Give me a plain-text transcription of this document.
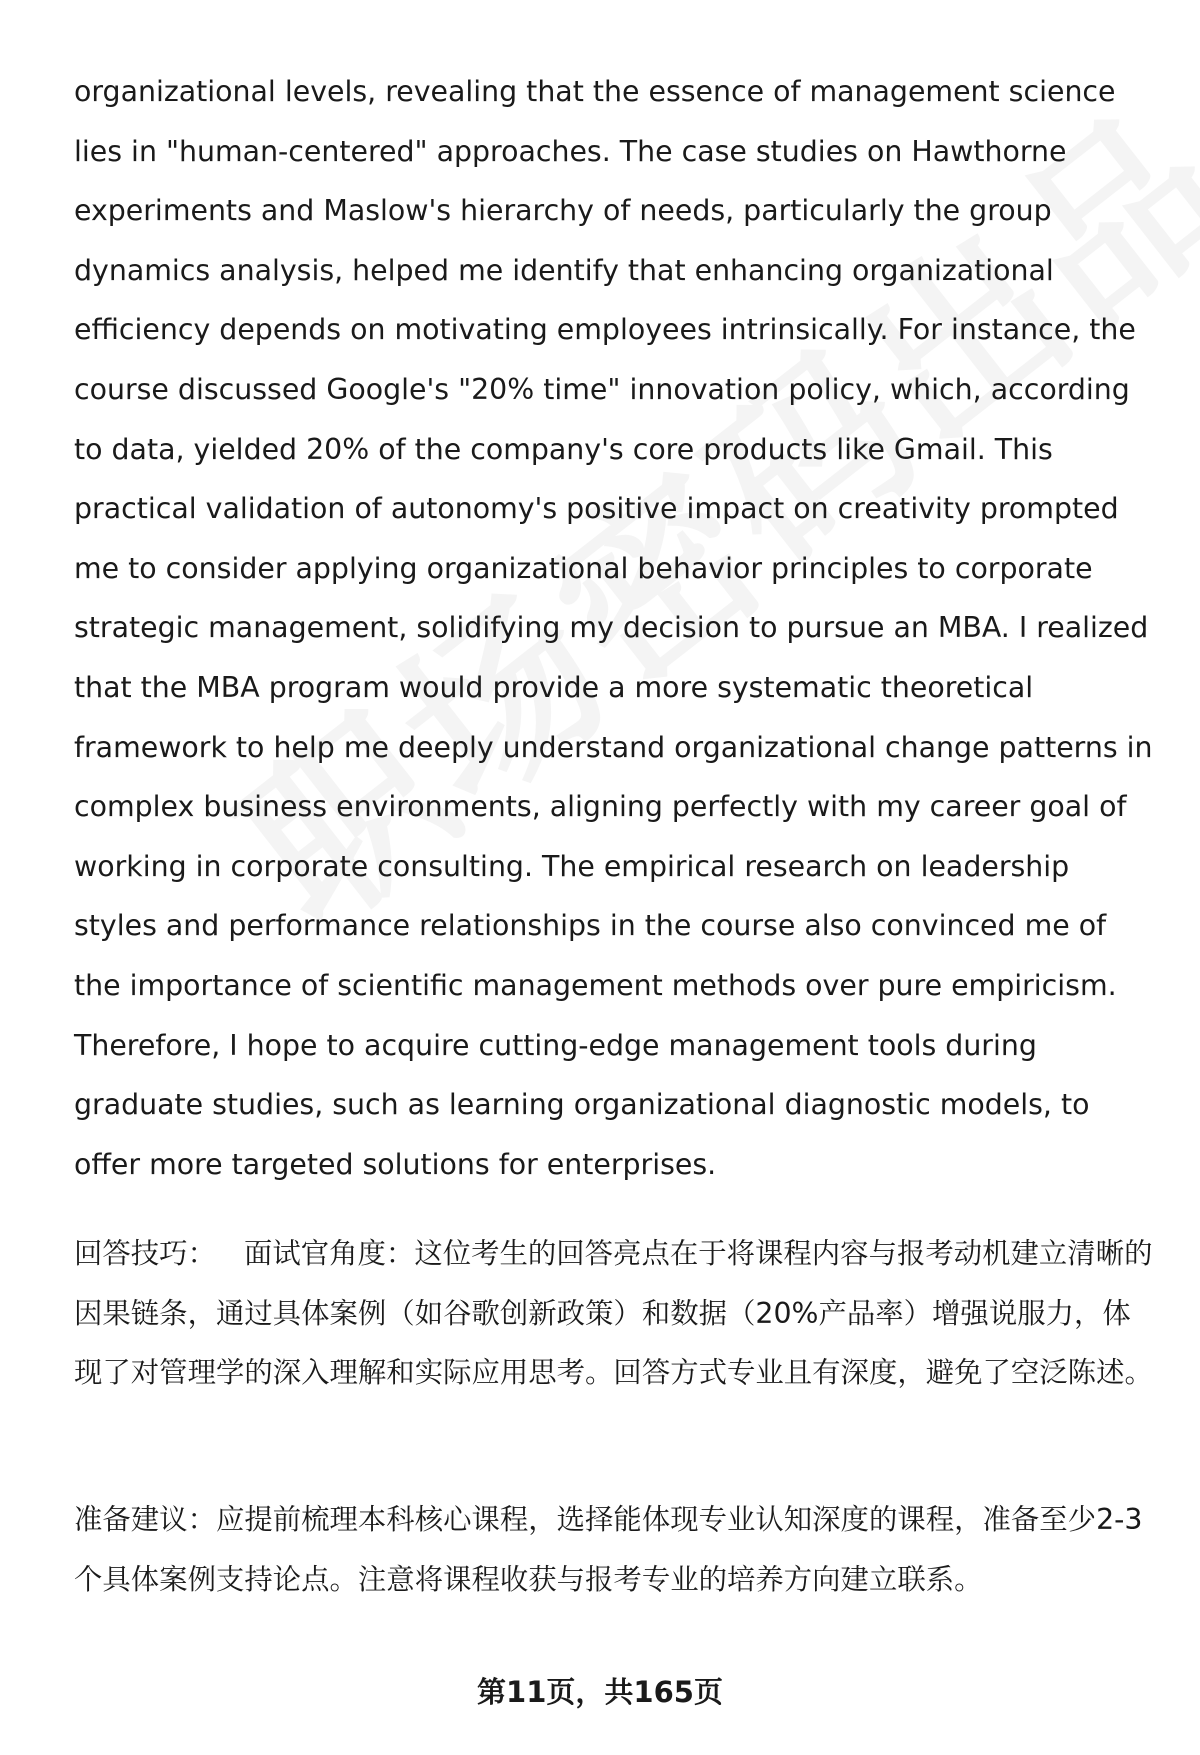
organizational levels, revealing that the essence of management science lies in "human-centered" approaches. The case studies on Hawthorne experiments and Maslow's hierarchy of needs, particularly the group dynamics analysis, helped me identify that enhancing organizational efficiency depends on motivating employees intrinsically. For instance, the course discussed Google's "20% time" innovation policy, which, according to data, yielded 20% of the company's core products like Gmail. This practical validation of autonomy's positive impact on creativity prompted me to consider applying organizational behavior principles to corporate strategic management, solidifying my decision to pursue an MBA. I realized that the MBA program would provide a more systematic theoretical framework to help me deeply understand organizational change patterns in complex business environments, aligning perfectly with my career goal of working in corporate consulting. The empirical research on leadership styles and performance relationships in the course also convinced me of the importance of scientific management methods over pure empiricism. Therefore, I hope to acquire cutting-edge management tools during graduate studies, such as learning organizational diagnostic models, to offer more targeted solutions for enterprises.

回答技巧： 面试官角度：这位考生的回答亮点在于将课程内容与报考动机建立清晰的因果链条，通过具体案例（如谷歌创新政策）和数据（20%产品率）增强说服力，体现了对管理学的深入理解和实际应用思考。回答方式专业且有深度，避免了空泛陈述。

准备建议：应提前梳理本科核心课程，选择能体现专业认知深度的课程，准备至少2-3个具体案例支持论点。注意将课程收获与报考专业的培养方向建立联系。

第11页，共165页
